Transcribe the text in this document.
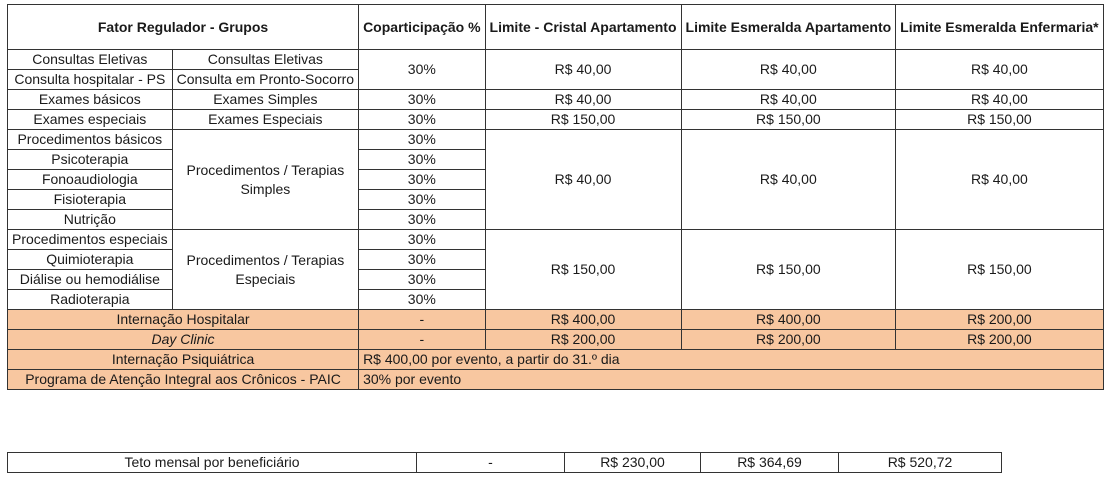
Fator Regulador - Grupos		Coparticipação %	Limite - Cristal Apartamento	Limite Esmeralda Apartamento	Limite Esmeralda Enfermaria*
Consultas Eletivas	Consultas Eletivas	30%	R$ 40,00	R$ 40,00	R$ 40,00
Consulta hospitalar - PS	Consulta em Pronto-Socorro				
Exames básicos	Exames Simples	30%	R$ 40,00	R$ 40,00	R$ 40,00
Exames especiais	Exames Especiais	30%	R$ 150,00	R$ 150,00	R$ 150,00
Procedimentos básicos	Procedimentos / Terapias Simples	30%	R$ 40,00	R$ 40,00	R$ 40,00
Psicoterapia		30%			
Fonoaudiologia		30%			
Fisioterapia		30%			
Nutrição		30%			
Procedimentos especiais	Procedimentos / Terapias Especiais	30%	R$ 150,00	R$ 150,00	R$ 150,00
Quimioterapia		30%			
Diálise ou hemodiálise		30%			
Radioterapia		30%			
Internação Hospitalar		-	R$ 400,00	R$ 400,00	R$ 200,00
Day Clinic		-	R$ 200,00	R$ 200,00	R$ 200,00
Internação Psiquiátrica		R$ 400,00 por evento, a partir do 31.º dia			
Programa de Atenção Integral aos Crônicos - PAIC		30% por evento			
Teto mensal por beneficiário	-	R$ 230,00	R$ 364,69	R$ 520,72
